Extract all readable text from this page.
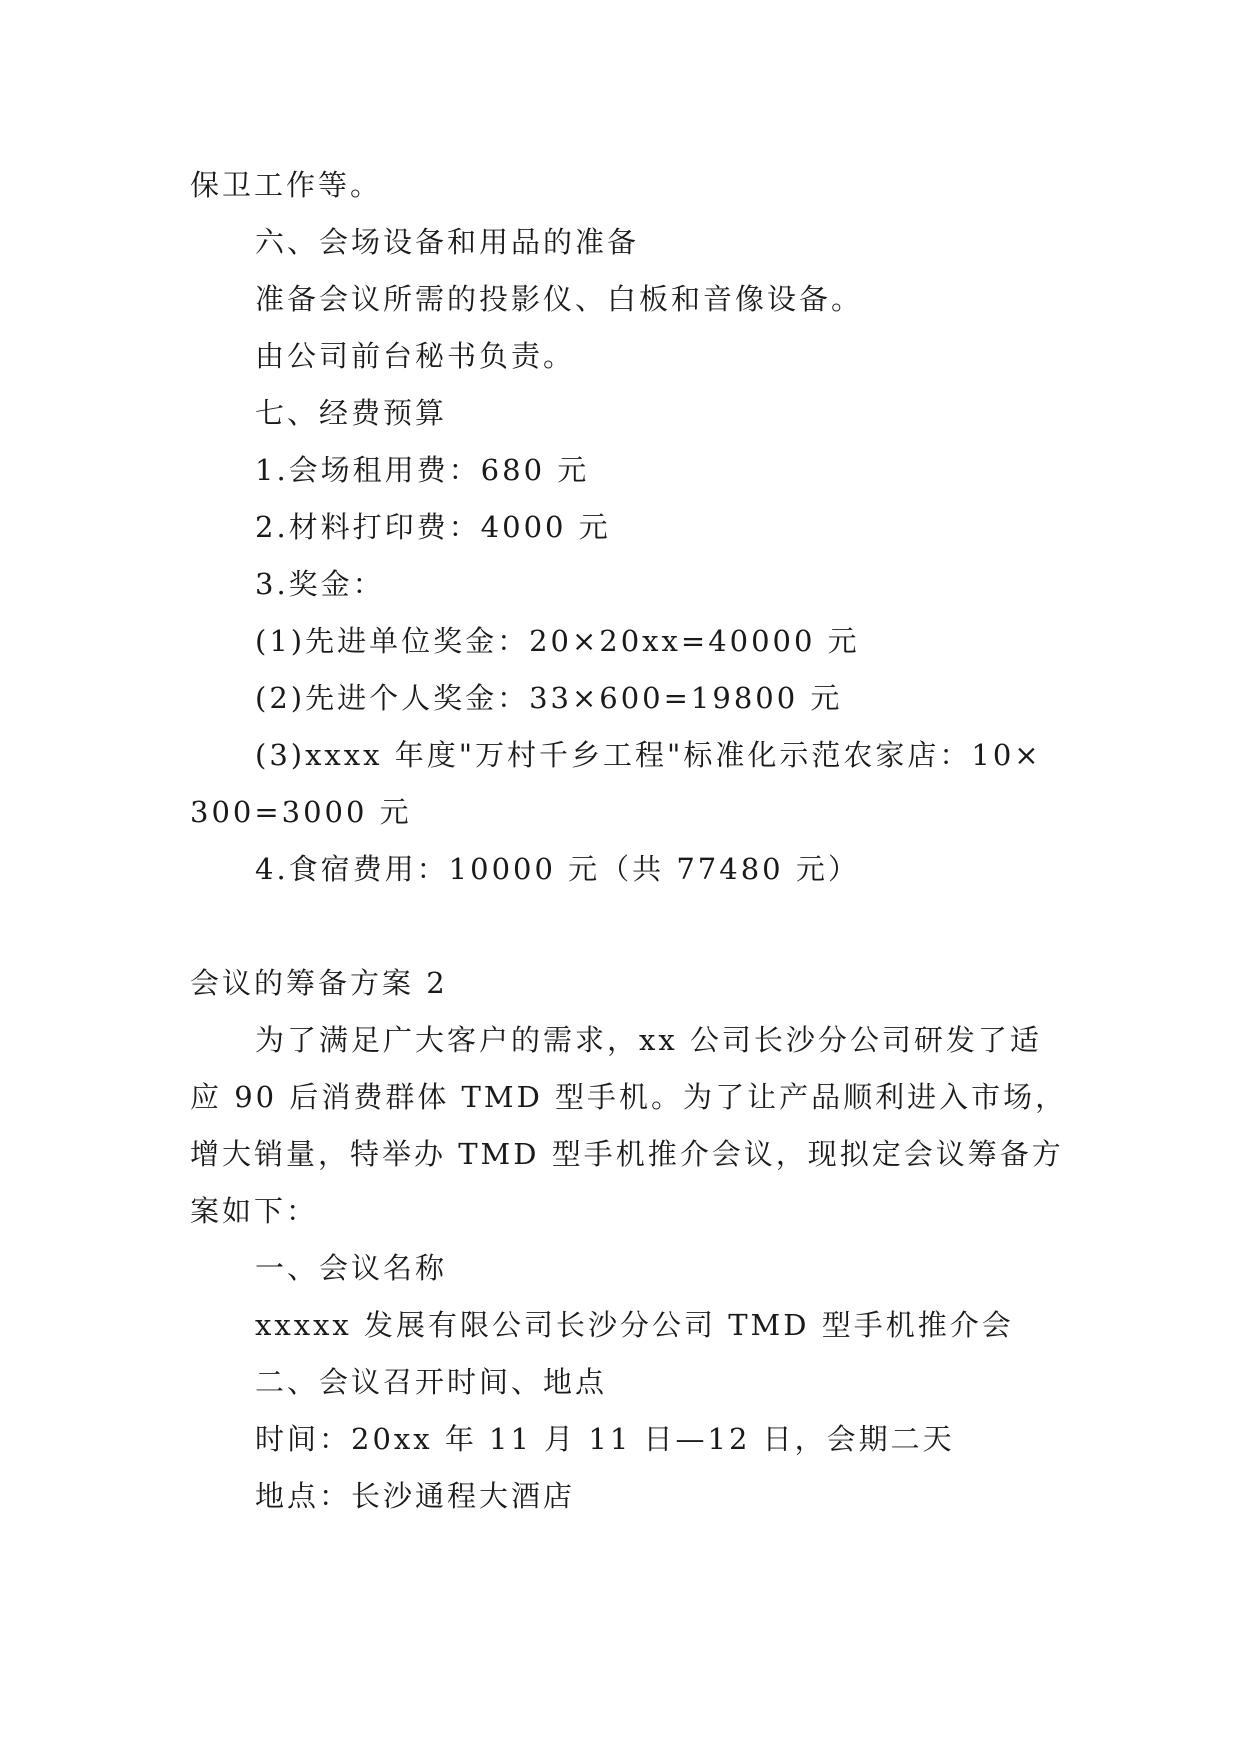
保卫工作等。
六、会场设备和用品的准备
准备会议所需的投影仪、白板和音像设备。
由公司前台秘书负责。
七、经费预算
1.会场租用费：680 元
2.材料打印费：4000 元
3.奖金：
(1)先进单位奖金：20×20xx=40000 元
(2)先进个人奖金：33×600=19800 元
(3)xxxx 年度"万村千乡工程"标准化示范农家店：10×
300=3000 元
4.食宿费用：10000 元（共 77480 元）
会议的筹备方案 2
为了满足广大客户的需求，xx 公司长沙分公司研发了适
应 90 后消费群体 TMD 型手机。为了让产品顺利进入市场，
增大销量，特举办 TMD 型手机推介会议，现拟定会议筹备方
案如下：
一、会议名称
xxxxx 发展有限公司长沙分公司 TMD 型手机推介会
二、会议召开时间、地点
时间：20xx 年 11 月 11 日—12 日，会期二天
地点：长沙通程大酒店
